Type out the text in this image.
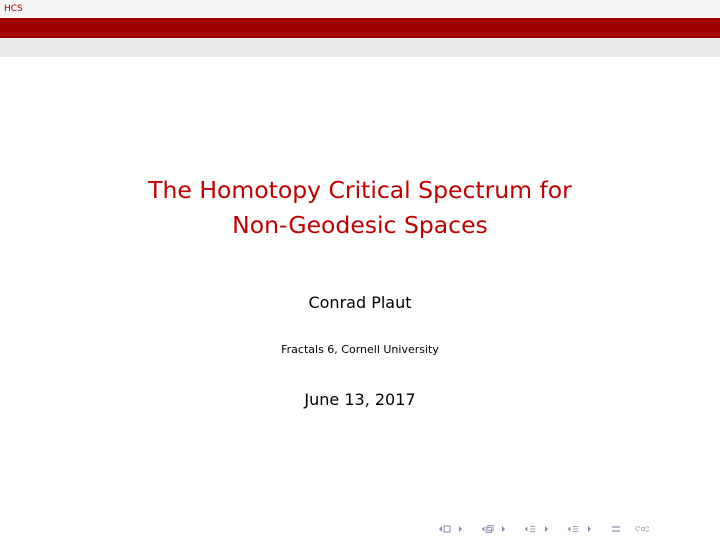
HCS
The Homotopy Critical Spectrum for
Non-Geodesic Spaces
Conrad Plaut
Fractals 6, Cornell University
June 13, 2017
